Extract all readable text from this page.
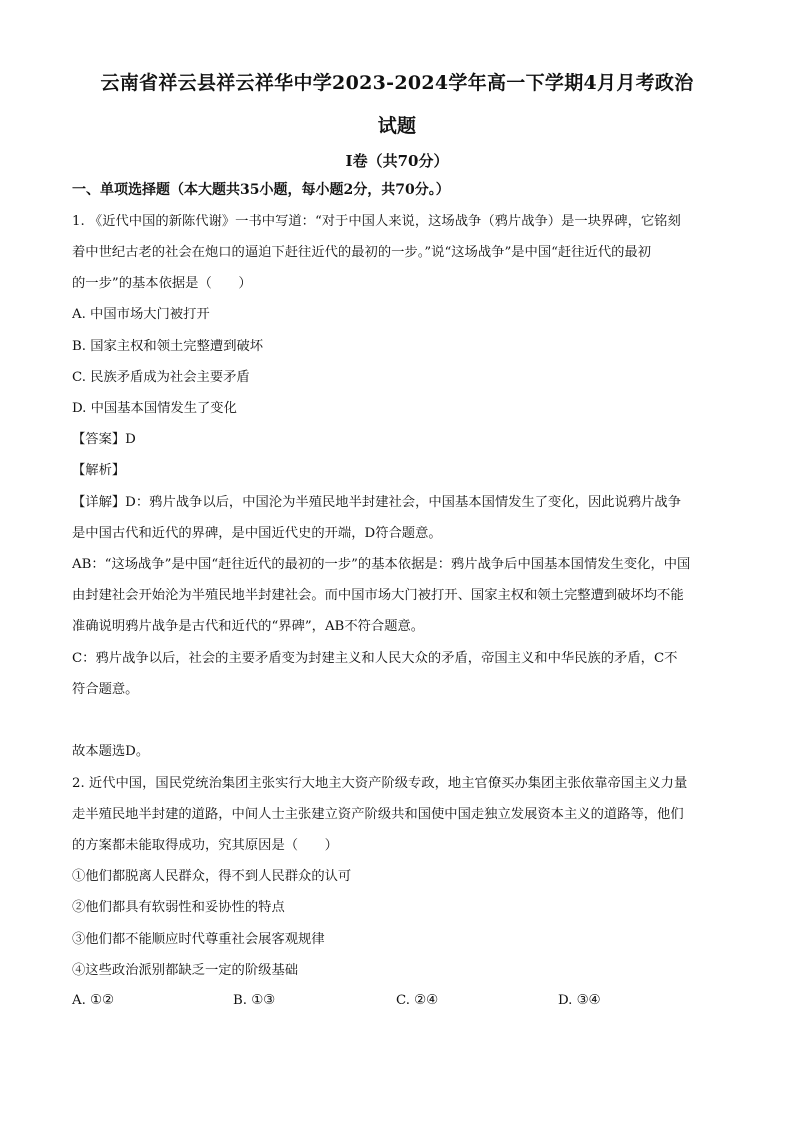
云南省祥云县祥云祥华中学2023-2024学年高一下学期4月月考政治
试题
Ⅰ卷（共70分）
一、单项选择题（本大题共35小题，每小题2分，共70分。）
1. 《近代中国的新陈代谢》一书中写道：“对于中国人来说，这场战争（鸦片战争）是一块界碑，它铭刻
着中世纪古老的社会在炮口的逼迫下赶往近代的最初的一步。”说“这场战争”是中国“赶往近代的最初
的一步”的基本依据是（　　）
A. 中国市场大门被打开
B. 国家主权和领土完整遭到破坏
C. 民族矛盾成为社会主要矛盾
D. 中国基本国情发生了变化
【答案】D
【解析】
【详解】D：鸦片战争以后，中国沦为半殖民地半封建社会，中国基本国情发生了变化，因此说鸦片战争
是中国古代和近代的界碑，是中国近代史的开端，D符合题意。
AB：“这场战争”是中国“赶往近代的最初的一步”的基本依据是：鸦片战争后中国基本国情发生变化，中国
由封建社会开始沦为半殖民地半封建社会。而中国市场大门被打开、国家主权和领土完整遭到破坏均不能
准确说明鸦片战争是古代和近代的“界碑”，AB不符合题意。
C：鸦片战争以后，社会的主要矛盾变为封建主义和人民大众的矛盾，帝国主义和中华民族的矛盾，C不
符合题意。
故本题选D。
2. 近代中国，国民党统治集团主张实行大地主大资产阶级专政，地主官僚买办集团主张依靠帝国主义力量
走半殖民地半封建的道路，中间人士主张建立资产阶级共和国使中国走独立发展资本主义的道路等，他们
的方案都未能取得成功，究其原因是（　　）
①他们都脱离人民群众，得不到人民群众的认可
②他们都具有软弱性和妥协性的特点
③他们都不能顺应时代尊重社会展客观规律
④这些政治派别都缺乏一定的阶级基础
A. ①②	B. ①③	C. ②④	D. ③④
